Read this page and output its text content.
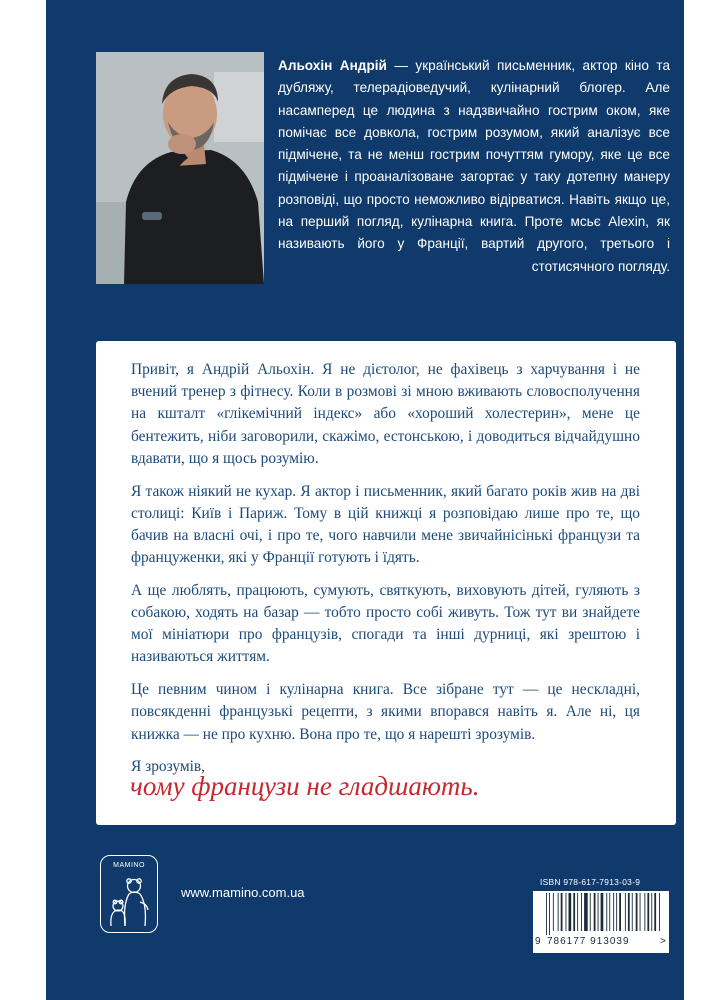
Альохін Андрій — український письменник, актор кіно та дубляжу, телерадіоведучий, кулінарний блогер. Але насамперед це людина з надзвичайно гострим оком, яке помічає все довкола, гострим розумом, який аналізує все підмічене, та не менш гострим почуттям гумору, яке це все підмічене і проаналізоване загортає у таку дотепну манеру розповіді, що просто неможливо відірватися. Навіть якщо це, на перший погляд, кулінарна книга. Проте мсьє Alexin, як називають його у Франції, вартий другого, третього і стотисячного погляду.

Привіт, я Андрій Альохін. Я не дієтолог, не фахівець з харчування і не вчений тренер з фітнесу. Коли в розмові зі мною вживають словосполучення на кшталт «глікемічний індекс» або «хороший холестерин», мене це бентежить, ніби заговорили, скажімо, естонською, і доводиться відчайдушно вдавати, що я щось розумію.

Я також ніякий не кухар. Я актор і письменник, який багато років жив на дві столиці: Київ і Париж. Тому в цій книжці я розповідаю лише про те, що бачив на власні очі, і про те, чого навчили мене звичайнісінькі французи та француженки, які у Франції готують і їдять.

А ще люблять, працюють, сумують, святкують, виховують дітей, гуляють з собакою, ходять на базар — тобто просто собі живуть. Тож тут ви знайдете мої мініатюри про французів, спогади та інші дурниці, які зрештою і називаються життям.

Це певним чином і кулінарна книга. Все зібране тут — це нескладні, повсякденні французькі рецепти, з якими впорався навіть я. Але ні, ця книжка — не про кухню. Вона про те, що я нарешті зрозумів.

Я зрозумів,

чому французи не гладшають.
MAMINO
www.mamino.com.ua
ISBN 978-617-7913-03-9
9 786177 913039	>
